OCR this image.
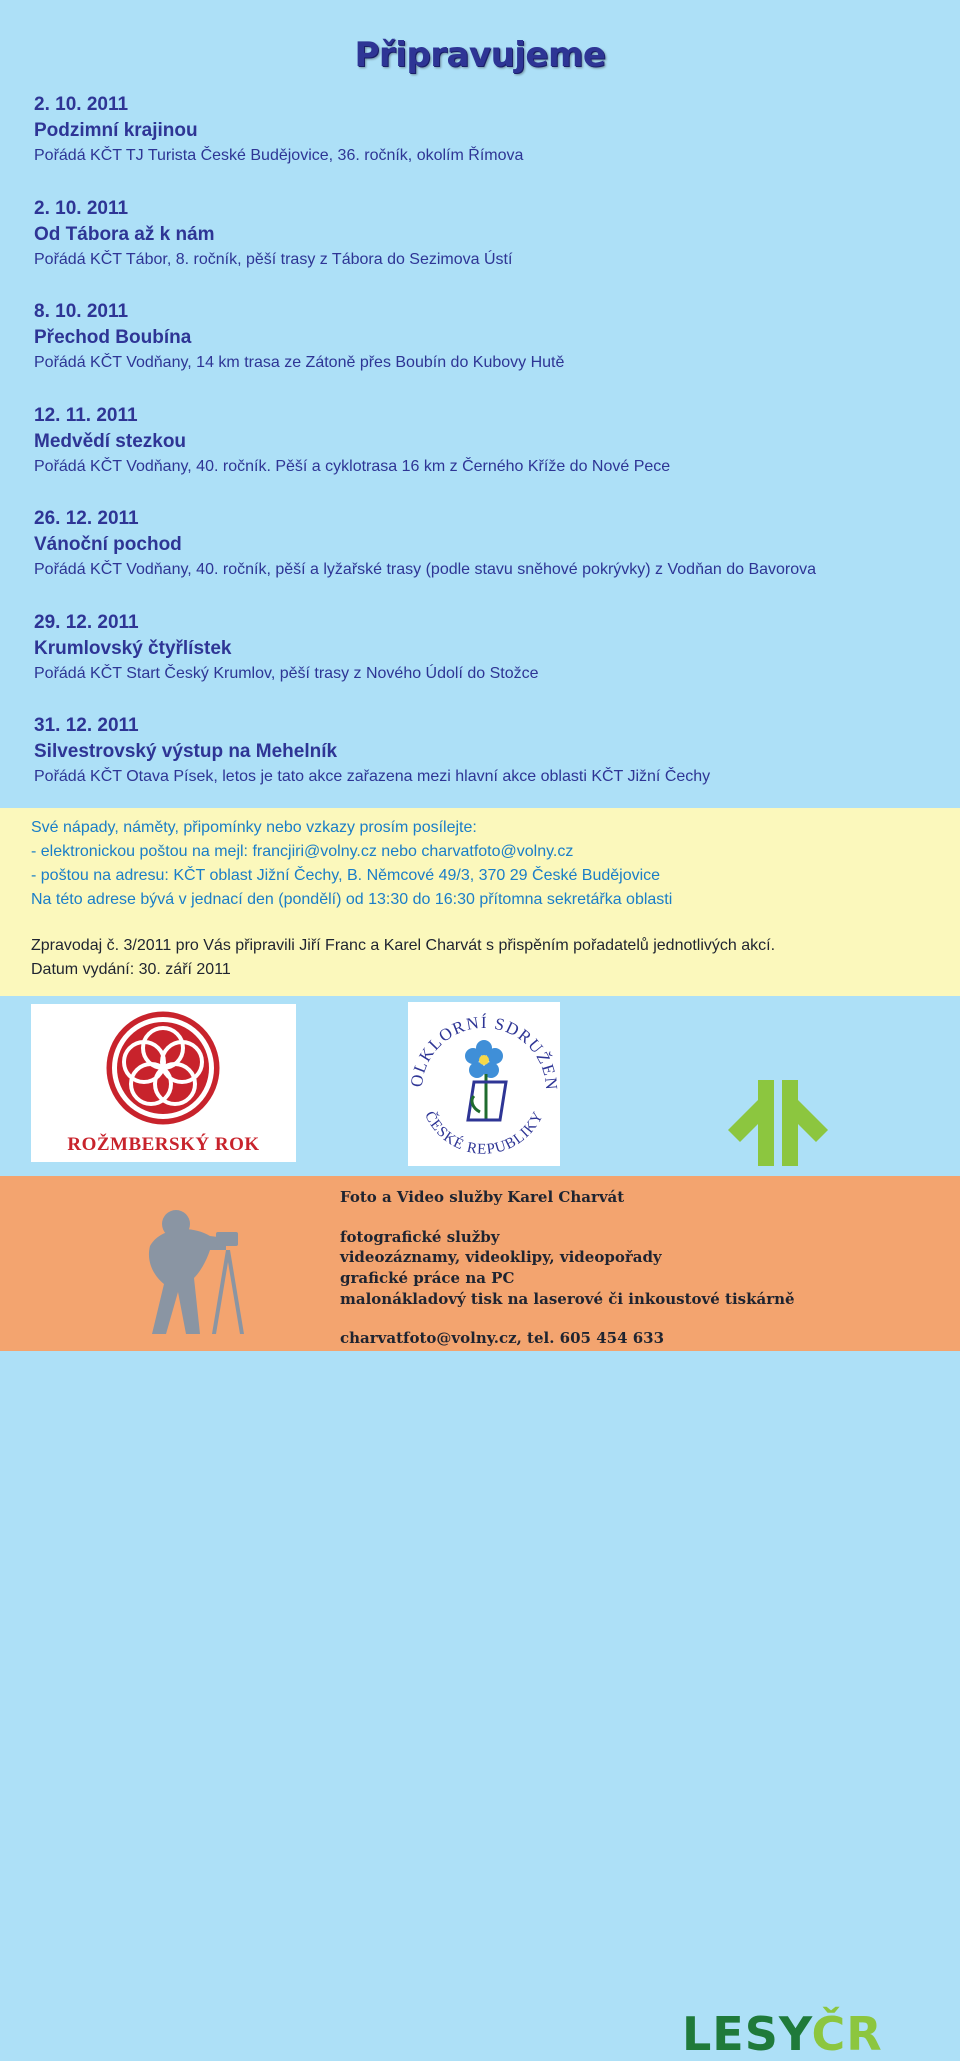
Připravujeme
2. 10. 2011
Podzimní krajinou
Pořádá KČT TJ Turista České Budějovice, 36. ročník, okolím Římova
2. 10. 2011
Od Tábora až k nám
Pořádá KČT Tábor, 8. ročník, pěší trasy z Tábora do Sezimova Ústí
8. 10. 2011
Přechod Boubína
Pořádá KČT Vodňany, 14 km trasa ze Zátoně přes Boubín do Kubovy Hutě
12. 11. 2011
Medvědí stezkou
Pořádá KČT Vodňany, 40. ročník. Pěší a cyklotrasa 16 km z Černého Kříže do Nové Pece
26. 12. 2011
Vánoční pochod
Pořádá KČT Vodňany, 40. ročník, pěší a lyžařské trasy (podle stavu sněhové pokrývky) z Vodňan do Bavorova
29. 12. 2011
Krumlovský čtyřlístek
Pořádá KČT Start Český Krumlov, pěší trasy z Nového Údolí do Stožce
31. 12. 2011
Silvestrovský výstup na Mehelník
Pořádá KČT Otava Písek, letos je tato akce zařazena mezi hlavní akce oblasti KČT Jižní Čechy
Své nápady, náměty, připomínky nebo vzkazy prosím posílejte:
- elektronickou poštou na mejl: francjiri@volny.cz nebo charvatfoto@volny.cz
- poštou na adresu: KČT oblast Jižní Čechy, B. Němcové 49/3, 370 29 České Budějovice
Na této adrese bývá v jednací den (pondělí) od 13:30 do 16:30 přítomna sekretářka oblasti
Zpravodaj č. 3/2011 pro Vás připravili Jiří Franc a Karel Charvát s přispěním pořadatelů jednotlivých akcí.
Datum vydání: 30. září 2011
ROŽMBERSKÝ ROK
OLKLORNÍ SDRUŽEN
ČESKÉ REPUBLIKY
LESYČR
Foto a Video služby Karel Charvát
fotografické služby
videozáznamy, videoklipy, videopořady
grafické práce na PC
malonákladový tisk na laserové či inkoustové tiskárně
charvatfoto@volny.cz, tel. 605 454 633
